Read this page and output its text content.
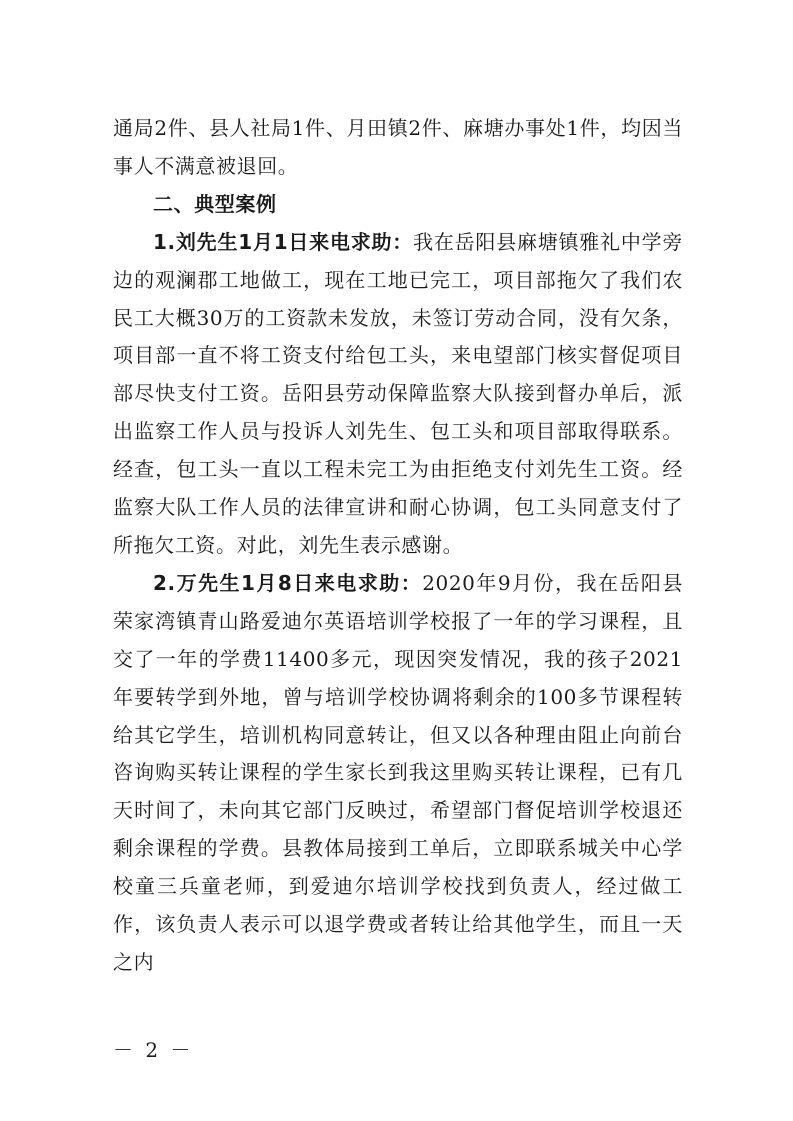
通局2件、县人社局1件、月田镇2件、麻塘办事处1件，均因当事人不满意被退回。

二、典型案例

1.刘先生1月1日来电求助：我在岳阳县麻塘镇雅礼中学旁边的观澜郡工地做工，现在工地已完工，项目部拖欠了我们农民工大概30万的工资款未发放，未签订劳动合同，没有欠条，项目部一直不将工资支付给包工头，来电望部门核实督促项目部尽快支付工资。岳阳县劳动保障监察大队接到督办单后，派出监察工作人员与投诉人刘先生、包工头和项目部取得联系。经查，包工头一直以工程未完工为由拒绝支付刘先生工资。经监察大队工作人员的法律宣讲和耐心协调，包工头同意支付了所拖欠工资。对此，刘先生表示感谢。

2.万先生1月8日来电求助：2020年9月份，我在岳阳县荣家湾镇青山路爱迪尔英语培训学校报了一年的学习课程，且交了一年的学费11400多元，现因突发情况，我的孩子2021年要转学到外地，曾与培训学校协调将剩余的100多节课程转给其它学生，培训机构同意转让，但又以各种理由阻止向前台咨询购买转让课程的学生家长到我这里购买转让课程，已有几天时间了，未向其它部门反映过，希望部门督促培训学校退还剩余课程的学费。县教体局接到工单后，立即联系城关中心学校童三兵童老师，到爱迪尔培训学校找到负责人，经过做工作，该负责人表示可以退学费或者转让给其他学生，而且一天之内

－ 2 －
